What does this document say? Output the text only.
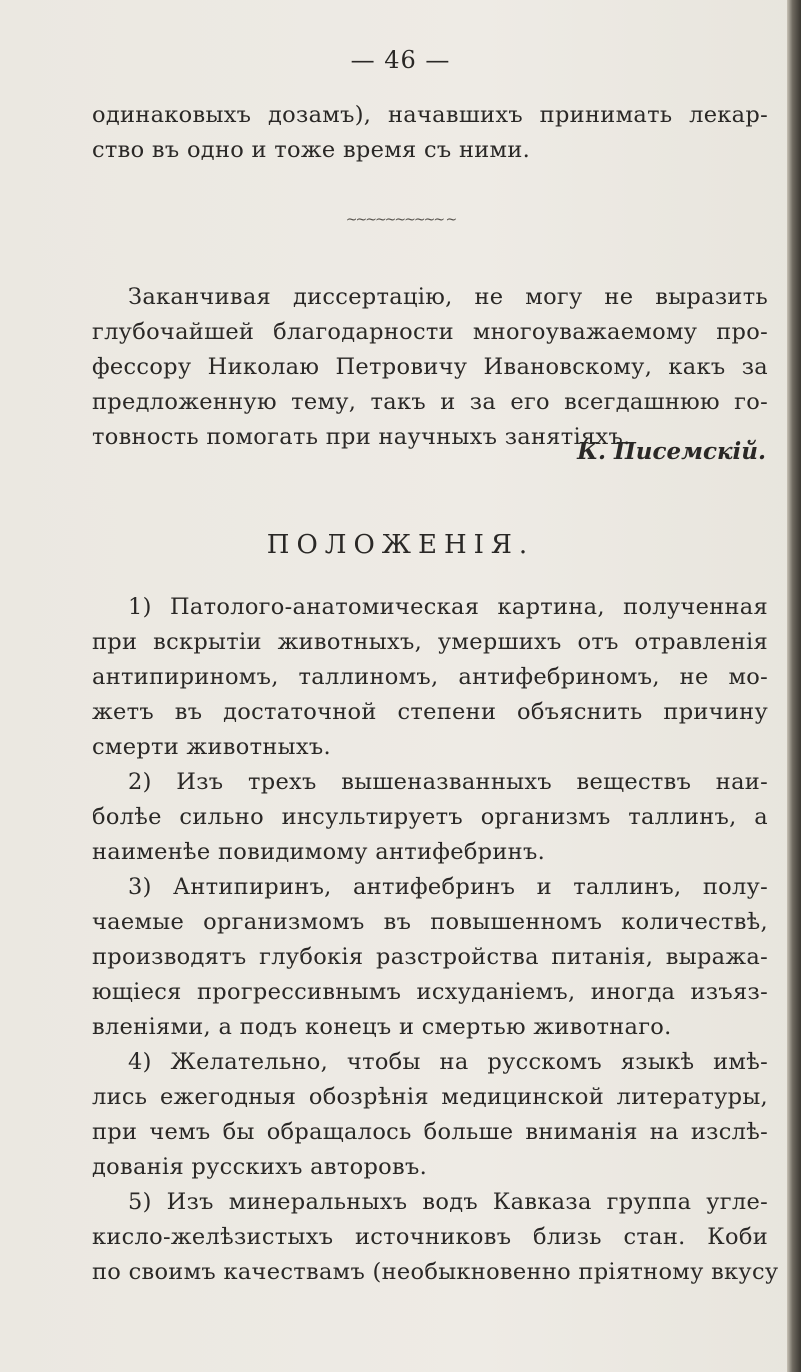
— 46 —
одинаковыхъ дозамъ), начавшихъ принимать лекар-
ство въ одно и тоже время съ ними.
~~~~~~~~~~ ~
Заканчивая диссертацію, не могу не выразить
глубочайшей благодарности многоуважаемому про-
фессору Николаю Петровичу Ивановскому, какъ за
предложенную тему, такъ и за его всегдашнюю го-
товность помогать при научныхъ занятіяхъ.
К. Писемскій.
ПОЛОЖЕНІЯ.
1) Патолого-анатомическая картина, полученная
при вскрытіи животныхъ, умершихъ отъ отравленія
антипириномъ, таллиномъ, антифебриномъ, не мо-
жетъ въ достаточной степени объяснить причину
смерти животныхъ.
2) Изъ трехъ вышеназванныхъ веществъ наи-
болѣе сильно инсультируетъ организмъ таллинъ, а
наименѣе повидимому антифебринъ.
3) Антипиринъ, антифебринъ и таллинъ, полу-
чаемые организмомъ въ повышенномъ количествѣ,
производятъ глубокія разстройства питанія, выража-
ющіеся прогрессивнымъ исхуданіемъ, иногда изъяз-
вленіями, а подъ конецъ и смертью животнаго.
4) Желательно, чтобы на русскомъ языкѣ имѣ-
лись ежегодныя обозрѣнія медицинской литературы,
при чемъ бы обращалось больше вниманія на изслѣ-
дованія русскихъ авторовъ.
5) Изъ минеральныхъ водъ Кавказа группа угле-
кисло-желѣзистыхъ источниковъ близь стан. Коби
по своимъ качествамъ (необыкновенно пріятному вкусу
